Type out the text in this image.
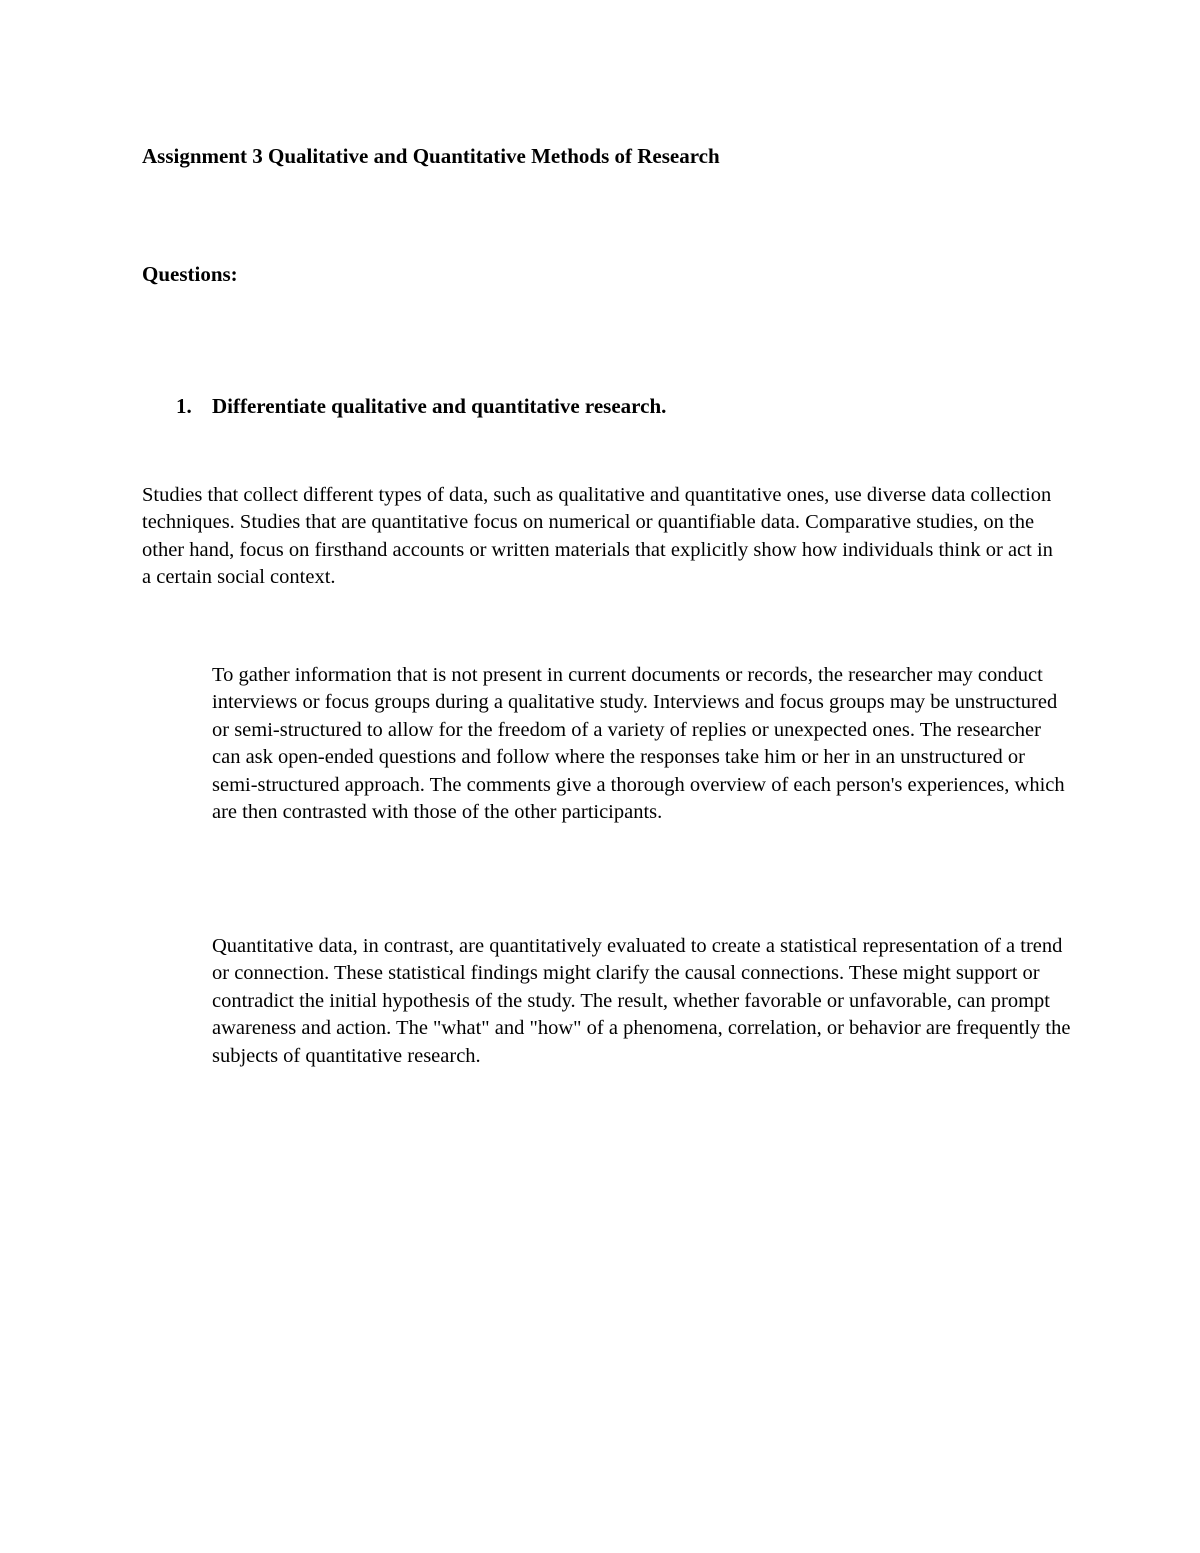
Assignment 3 Qualitative and Quantitative Methods of Research

Questions:

1. Differentiate qualitative and quantitative research.

Studies that collect different types of data, such as qualitative and quantitative ones, use diverse data collection techniques. Studies that are quantitative focus on numerical or quantifiable data. Comparative studies, on the other hand, focus on firsthand accounts or written materials that explicitly show how individuals think or act in a certain social context.

To gather information that is not present in current documents or records, the researcher may conduct interviews or focus groups during a qualitative study. Interviews and focus groups may be unstructured or semi-structured to allow for the freedom of a variety of replies or unexpected ones. The researcher can ask open-ended questions and follow where the responses take him or her in an unstructured or semi-structured approach. The comments give a thorough overview of each person's experiences, which are then contrasted with those of the other participants.

Quantitative data, in contrast, are quantitatively evaluated to create a statistical representation of a trend or connection. These statistical findings might clarify the causal connections. These might support or contradict the initial hypothesis of the study. The result, whether favorable or unfavorable, can prompt awareness and action. The "what" and "how" of a phenomena, correlation, or behavior are frequently the subjects of quantitative research.
